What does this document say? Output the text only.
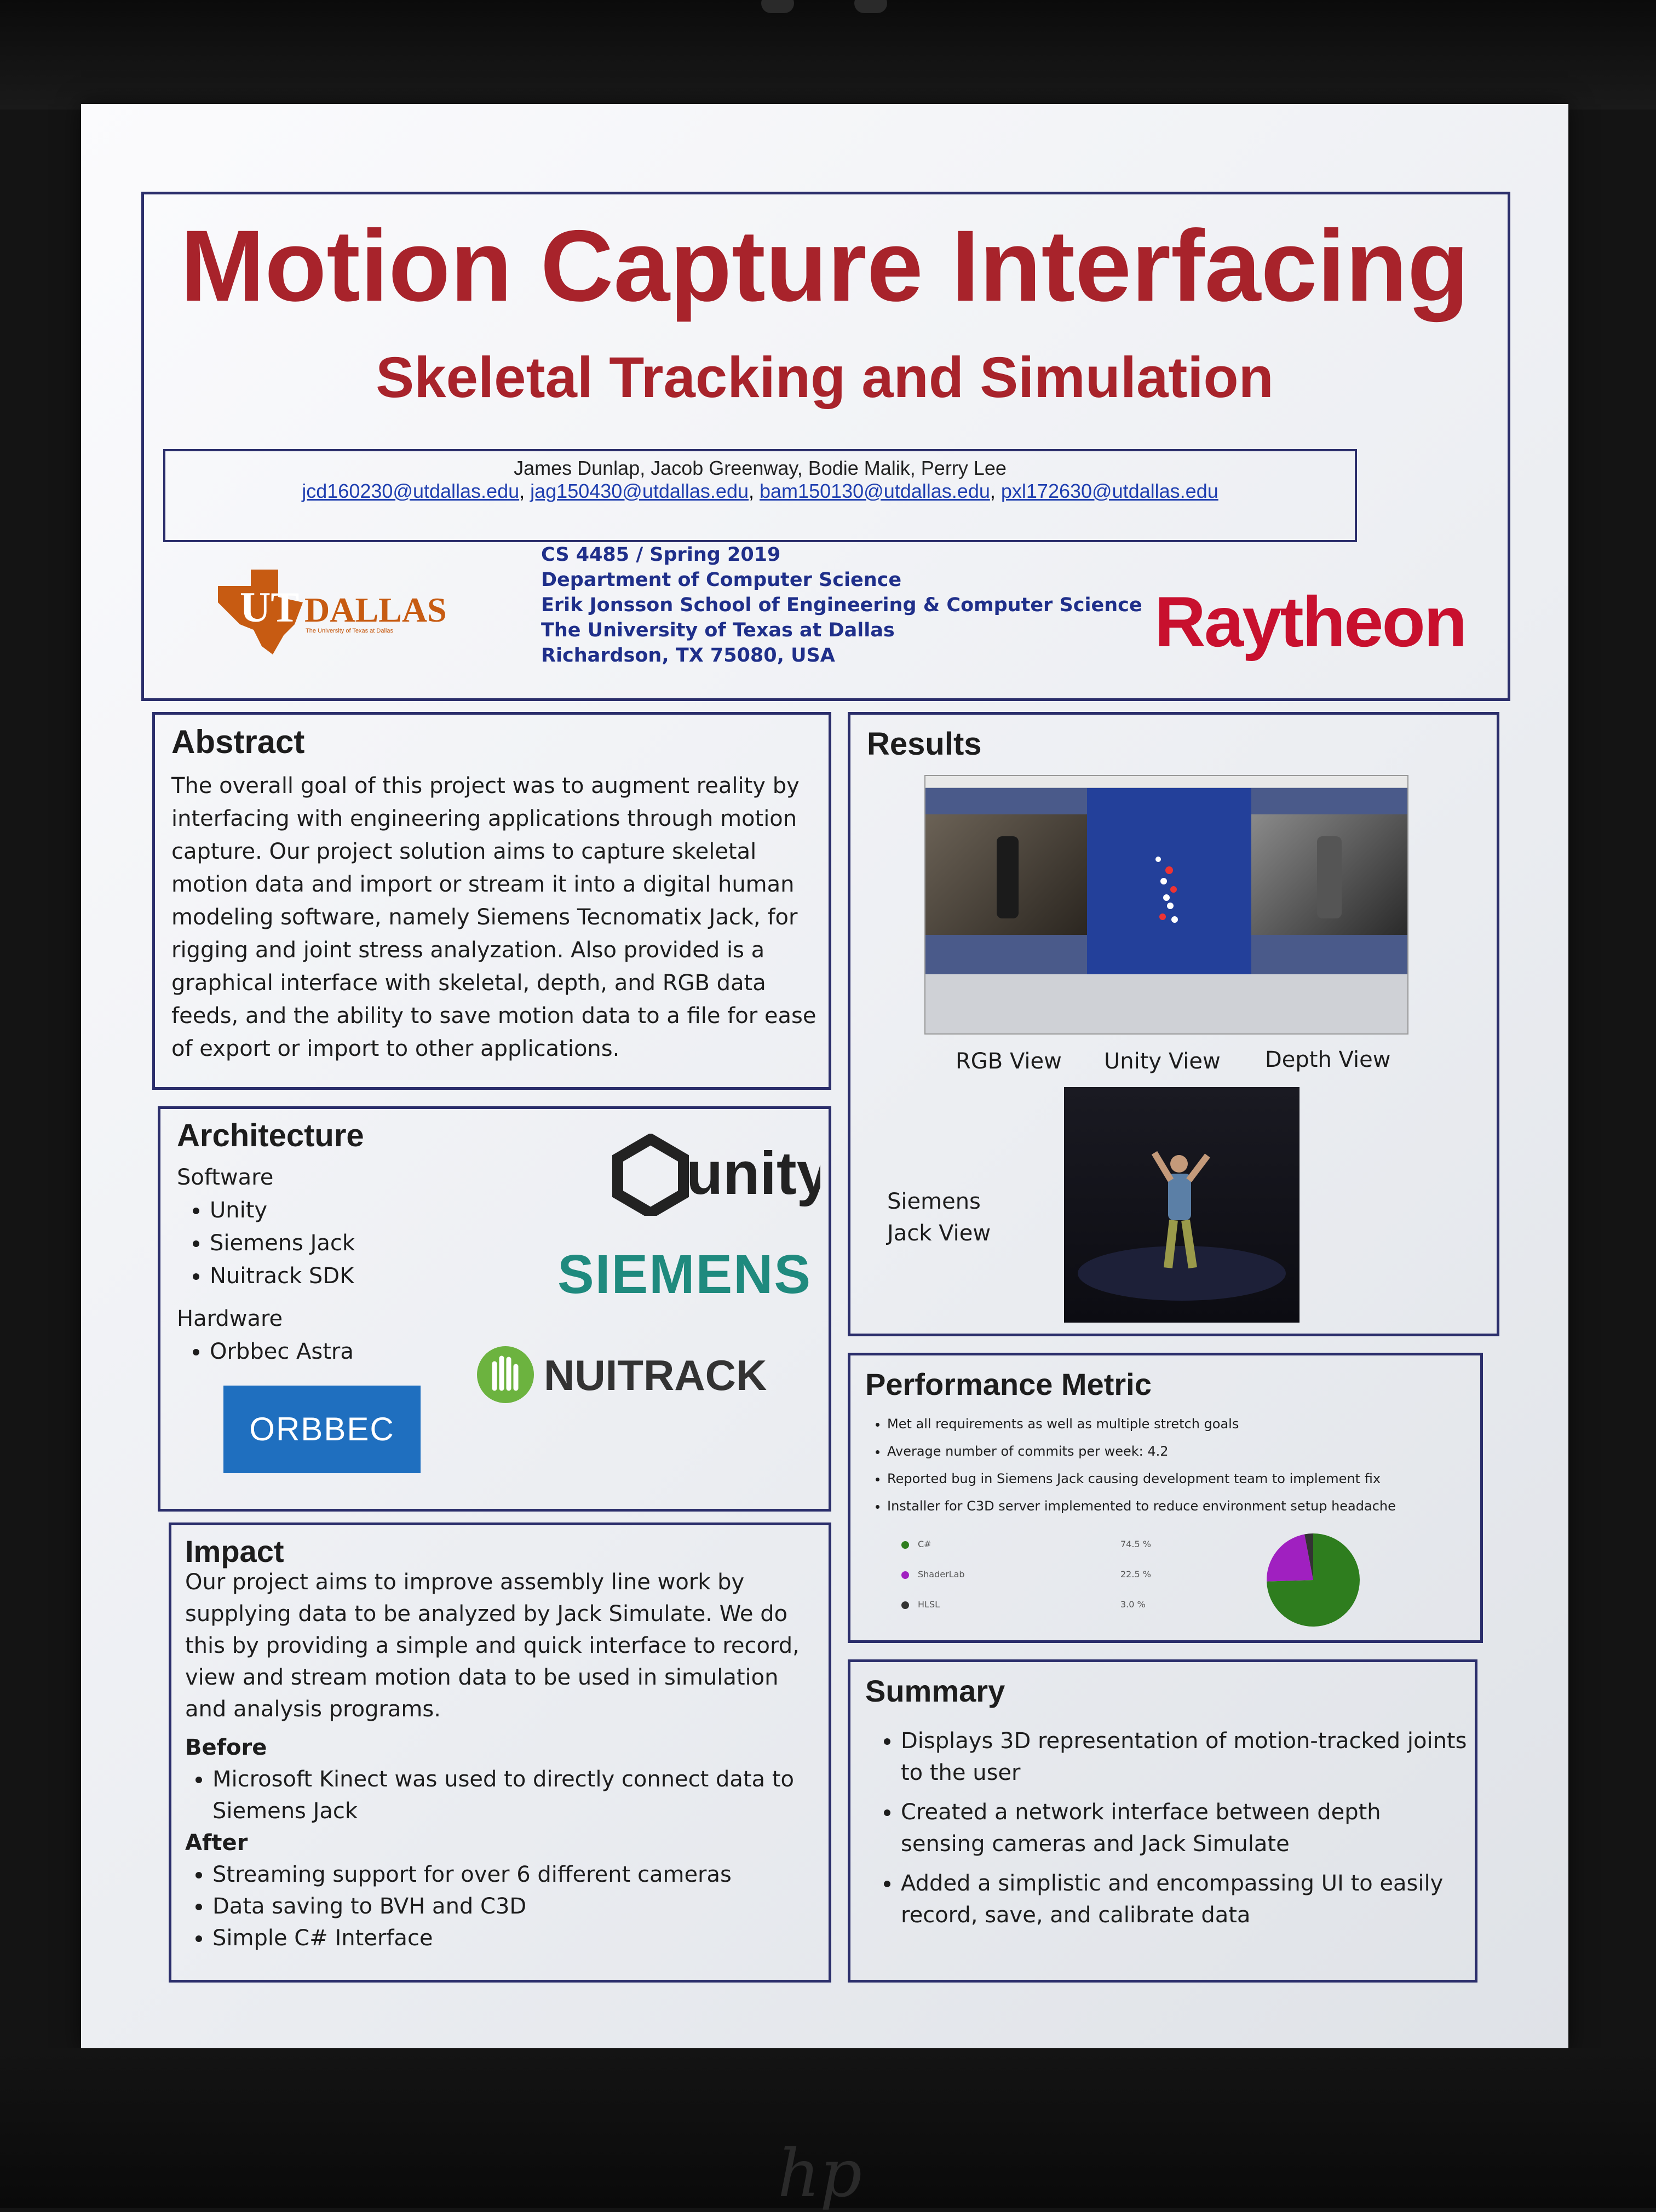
Motion Capture Interfacing
Skeletal Tracking and Simulation
James Dunlap, Jacob Greenway, Bodie Malik, Perry Lee
jcd160230@utdallas.edu, jag150430@utdallas.edu, bam150130@utdallas.edu, pxl172630@utdallas.edu
UT DALLAS
The University of Texas at Dallas
CS 4485 / Spring 2019
Department of Computer Science
Erik Jonsson School of Engineering & Computer Science
The University of Texas at Dallas
Richardson, TX 75080, USA	Raytheon
Abstract
The overall goal of this project was to augment reality by interfacing with engineering applications through motion capture. Our project solution aims to capture skeletal motion data and import or stream it into a digital human modeling software, namely Siemens Tecnomatix Jack, for rigging and joint stress analyzation. Also provided is a graphical interface with skeletal, depth, and RGB data feeds, and the ability to save motion data to a file for ease of export or import to other applications.
Architecture
Software
• Unity
• Siemens Jack
• Nuitrack SDK
Hardware
• Orbbec Astra
unity
SIEMENS
NUITRACK
ORBBEC
Impact
Our project aims to improve assembly line work by supplying data to be analyzed by Jack Simulate. We do this by providing a simple and quick interface to record, view and stream motion data to be used in simulation and analysis programs.
Before
• Microsoft Kinect was used to directly connect data to Siemens Jack
After
• Streaming support for over 6 different cameras
• Data saving to BVH and C3D
• Simple C# Interface
Results
RGB View Unity View Depth View
Siemens
Jack View
Performance Metric
• Met all requirements as well as multiple stretch goals
• Average number of commits per week: 4.2
• Reported bug in Siemens Jack causing development team to implement fix
• Installer for C3D server implemented to reduce environment setup headache
C#	74.5 %
ShaderLab	22.5 %
HLSL	3.0 %
Summary
• Displays 3D representation of motion-tracked joints to the user
• Created a network interface between depth sensing cameras and Jack Simulate
• Added a simplistic and encompassing UI to easily record, save, and calibrate data
hp
